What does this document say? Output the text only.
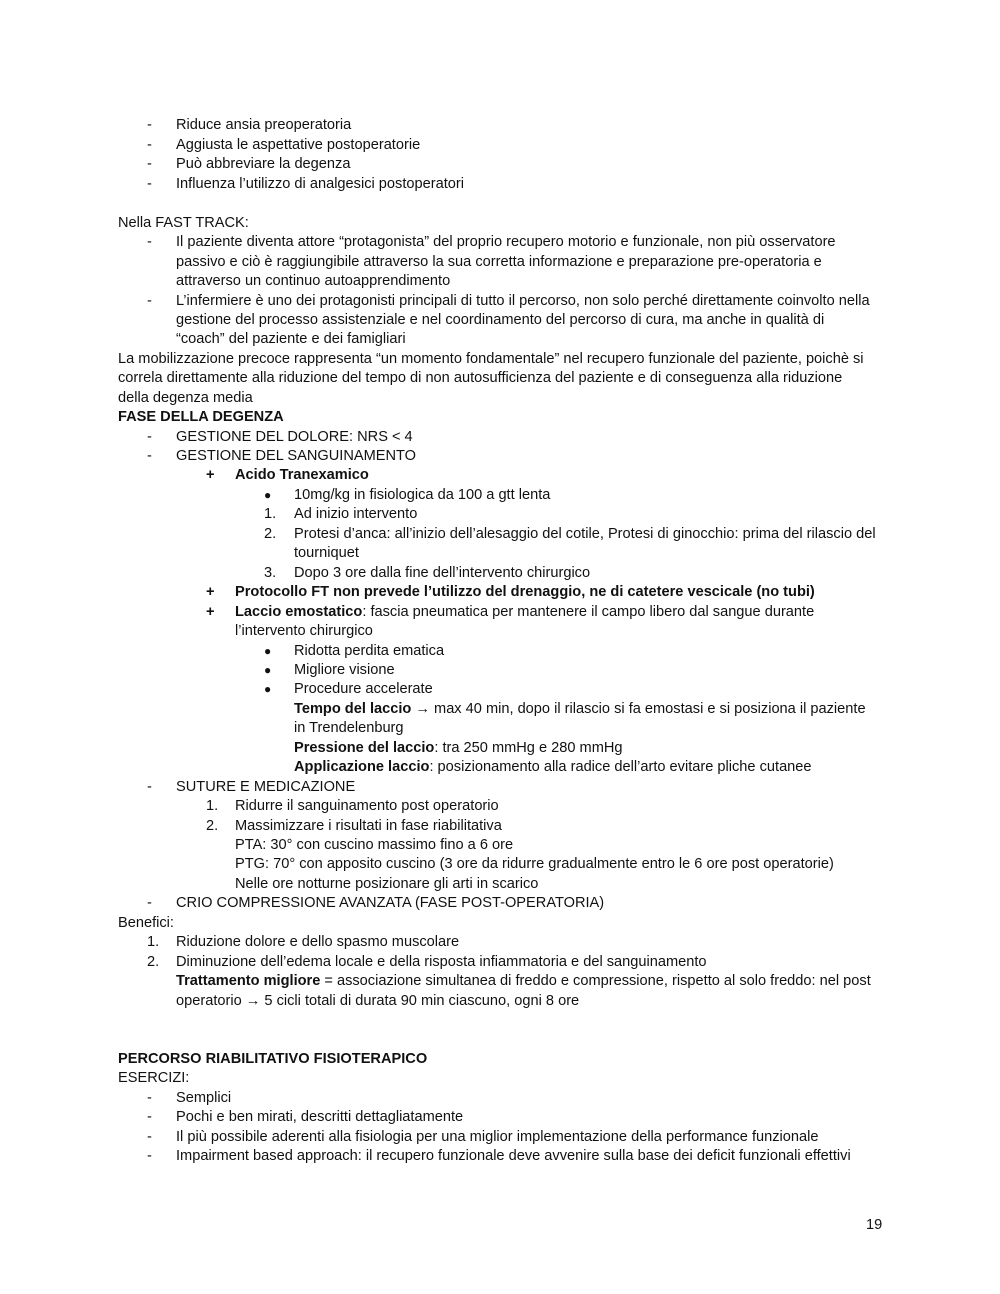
- Riduce ansia preoperatoria
- Aggiusta le aspettative postoperatorie
- Può abbreviare la degenza
- Influenza l’utilizzo di analgesici postoperatori
Nella FAST TRACK:
- Il paziente diventa attore “protagonista” del proprio recupero motorio e funzionale, non più osservatore
passivo e ciò è raggiungibile attraverso la sua corretta informazione e preparazione pre-operatoria e
attraverso un continuo autoapprendimento
- L’infermiere è uno dei protagonisti principali di tutto il percorso, non solo perché direttamente coinvolto nella
gestione del processo assistenziale e nel coordinamento del percorso di cura, ma anche in qualità di
“coach” del paziente e dei famigliari
La mobilizzazione precoce rappresenta “un momento fondamentale” nel recupero funzionale del paziente, poichè si
correla direttamente alla riduzione del tempo di non autosufficienza del paziente e di conseguenza alla riduzione
della degenza media
FASE DELLA DEGENZA
- GESTIONE DEL DOLORE: NRS < 4
- GESTIONE DEL SANGUINAMENTO
+ Acido Tranexamico
● 10mg/kg in fisiologica da 100 a gtt lenta
1. Ad inizio intervento
2. Protesi d’anca: all’inizio dell’alesaggio del cotile, Protesi di ginocchio: prima del rilascio del
tourniquet
3. Dopo 3 ore dalla fine dell’intervento chirurgico
+ Protocollo FT non prevede l’utilizzo del drenaggio, ne di catetere vescicale (no tubi)
+ Laccio emostatico: fascia pneumatica per mantenere il campo libero dal sangue durante
l’intervento chirurgico
● Ridotta perdita ematica
● Migliore visione
● Procedure accelerate
Tempo del laccio → max 40 min, dopo il rilascio si fa emostasi e si posiziona il paziente
in Trendelenburg
Pressione del laccio: tra 250 mmHg e 280 mmHg
Applicazione laccio: posizionamento alla radice dell’arto evitare pliche cutanee
- SUTURE E MEDICAZIONE
1. Ridurre il sanguinamento post operatorio
2. Massimizzare i risultati in fase riabilitativa
PTA: 30° con cuscino massimo fino a 6 ore
PTG: 70° con apposito cuscino (3 ore da ridurre gradualmente entro le 6 ore post operatorie)
Nelle ore notturne posizionare gli arti in scarico
- CRIO COMPRESSIONE AVANZATA (FASE POST-OPERATORIA)
Benefici:
1. Riduzione dolore e dello spasmo muscolare
2. Diminuzione dell’edema locale e della risposta infiammatoria e del sanguinamento
Trattamento migliore = associazione simultanea di freddo e compressione, rispetto al solo freddo: nel post
operatorio → 5 cicli totali di durata 90 min ciascuno, ogni 8 ore
PERCORSO RIABILITATIVO FISIOTERAPICO
ESERCIZI:
- Semplici
- Pochi e ben mirati, descritti dettagliatamente
- Il più possibile aderenti alla fisiologia per una miglior implementazione della performance funzionale
- Impairment based approach: il recupero funzionale deve avvenire sulla base dei deficit funzionali effettivi
19
